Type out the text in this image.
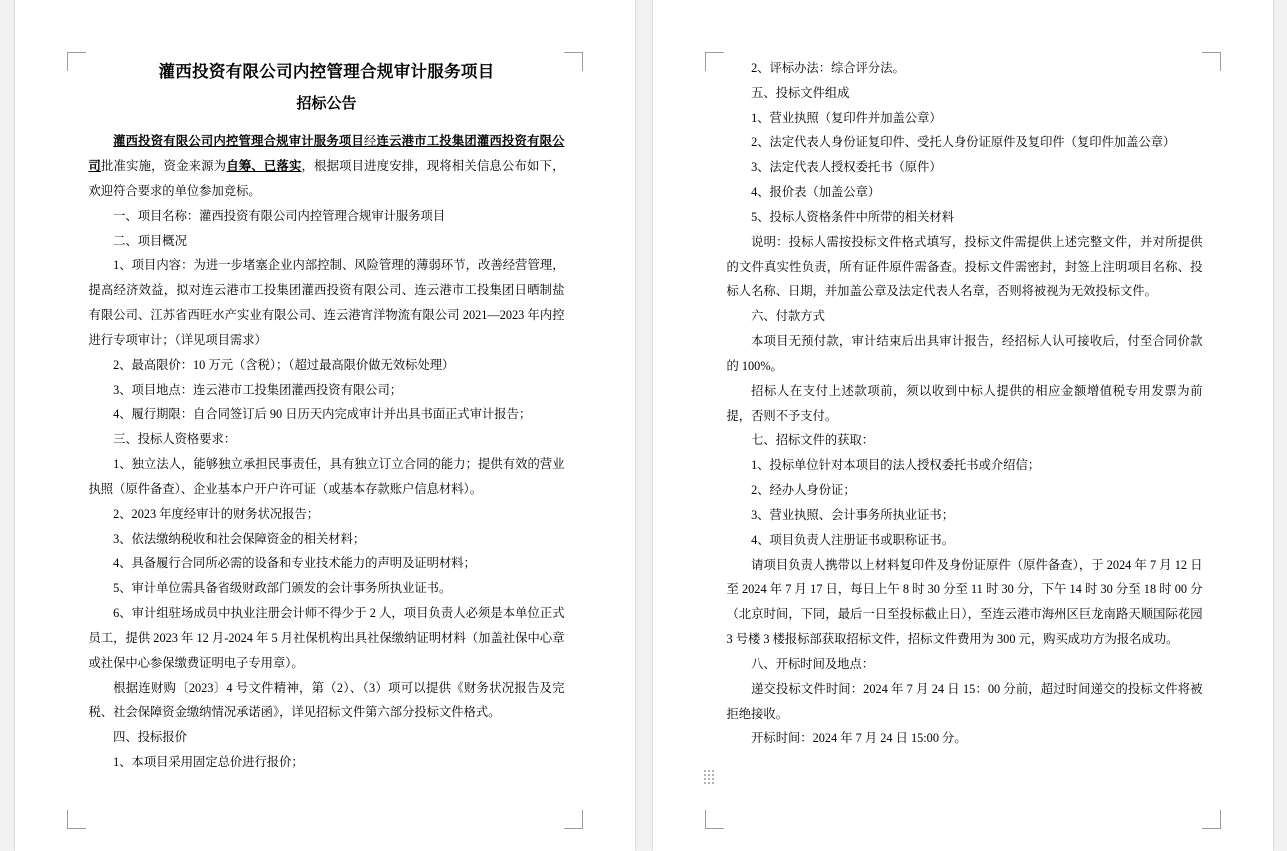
灌西投资有限公司内控管理合规审计服务项目
招标公告

灌西投资有限公司内控管理合规审计服务项目经连云港市工投集团灌西投资有限公司批准实施，资金来源为自筹、已落实，根据项目进度安排，现将相关信息公布如下，欢迎符合要求的单位参加竞标。

一、项目名称：灌西投资有限公司内控管理合规审计服务项目

二、项目概况

1、项目内容：为进一步堵塞企业内部控制、风险管理的薄弱环节，改善经营管理，提高经济效益，拟对连云港市工投集团灌西投资有限公司、连云港市工投集团日晒制盐有限公司、江苏省西旺水产实业有限公司、连云港宵洋物流有限公司 2021—2023 年内控进行专项审计；（详见项目需求）

2、最高限价：10 万元（含税）；（超过最高限价做无效标处理）

3、项目地点：连云港市工投集团灌西投资有限公司；

4、履行期限：自合同签订后 90 日历天内完成审计并出具书面正式审计报告；

三、投标人资格要求：

1、独立法人，能够独立承担民事责任，具有独立订立合同的能力；提供有效的营业执照（原件备查）、企业基本户开户许可证（或基本存款账户信息材料）。

2、2023 年度经审计的财务状况报告；

3、依法缴纳税收和社会保障资金的相关材料；

4、具备履行合同所必需的设备和专业技术能力的声明及证明材料；

5、审计单位需具备省级财政部门颁发的会计事务所执业证书。

6、审计组驻场成员中执业注册会计师不得少于 2 人，项目负责人必须是本单位正式员工，提供 2023 年 12 月-2024 年 5 月社保机构出具社保缴纳证明材料（加盖社保中心章或社保中心参保缴费证明电子专用章）。

根据连财购〔2023〕4 号文件精神，第（2）、（3）项可以提供《财务状况报告及完税、社会保障资金缴纳情况承诺函》，详见招标文件第六部分投标文件格式。

四、投标报价

1、本项目采用固定总价进行报价；

2、评标办法：综合评分法。

五、投标文件组成

1、营业执照（复印件并加盖公章）

2、法定代表人身份证复印件、受托人身份证原件及复印件（复印件加盖公章）

3、法定代表人授权委托书（原件）

4、报价表（加盖公章）

5、投标人资格条件中所带的相关材料

说明：投标人需按投标文件格式填写，投标文件需提供上述完整文件，并对所提供的文件真实性负责，所有证件原件需备查。投标文件需密封，封签上注明项目名称、投标人名称、日期，并加盖公章及法定代表人名章，否则将被视为无效投标文件。

六、付款方式

本项目无预付款，审计结束后出具审计报告，经招标人认可接收后，付至合同价款的 100%。

招标人在支付上述款项前，须以收到中标人提供的相应金额增值税专用发票为前提，否则不予支付。

七、招标文件的获取：

1、投标单位针对本项目的法人授权委托书或介绍信；

2、经办人身份证；

3、营业执照、会计事务所执业证书；

4、项目负责人注册证书或职称证书。

请项目负责人携带以上材料复印件及身份证原件（原件备查），于 2024 年 7 月 12 日至 2024 年 7 月 17 日，每日上午 8 时 30 分至 11 时 30 分，下午 14 时 30 分至 18 时 00 分（北京时间，下同，最后一日至投标截止日），至连云港市海州区巨龙南路天顺国际花园 3 号楼 3 楼报标部获取招标文件，招标文件费用为 300 元，购买成功方为报名成功。

八、开标时间及地点：

递交投标文件时间：2024 年 7 月 24 日 15：00 分前，超过时间递交的投标文件将被拒绝接收。

开标时间：2024 年 7 月 24 日 15:00 分。
